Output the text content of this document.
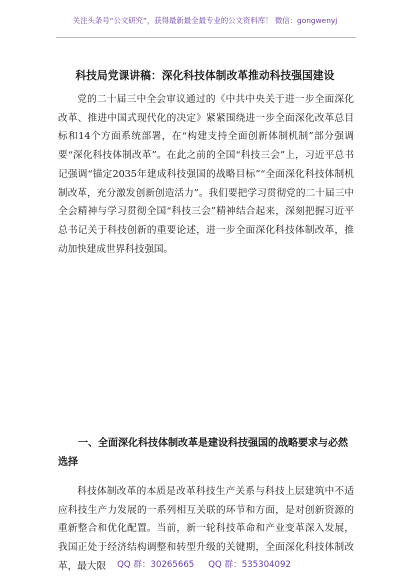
关注头条号“公文研究”，获得最新最全最专业的公文资料库！ 微信：gongwenyj
科技局党课讲稿：深化科技体制改革推动科技强国建设

党的二十届三中全会审议通过的《中共中央关于进一步全面深化改革、推进中国式现代化的决定》紧紧围绕进一步全面深化改革总目标和14个方面系统部署，在“构建支持全面创新体制机制”部分强调要“深化科技体制改革”。在此之前的全国“科技三会”上，习近平总书记强调“锚定2035年建成科技强国的战略目标”“全面深化科技体制机制改革，充分激发创新创造活力”。我们要把学习贯彻党的二十届三中全会精神与学习贯彻全国“科技三会”精神结合起来，深刻把握习近平总书记关于科技创新的重要论述，进一步全面深化科技体制改革，推动加快建成世界科技强国。

一、全面深化科技体制改革是建设科技强国的战略要求与必然选择

科技体制改革的本质是改革科技生产关系与科技上层建筑中不适应科技生产力发展的一系列相互关联的环节和方面，是对创新资源的重新整合和优化配置。当前，新一轮科技革命和产业变革深入发展，我国正处于经济结构调整和转型升级的关键期，全面深化科技体制改革，最大限	QQ 群：30265665 QQ 群：535304092
